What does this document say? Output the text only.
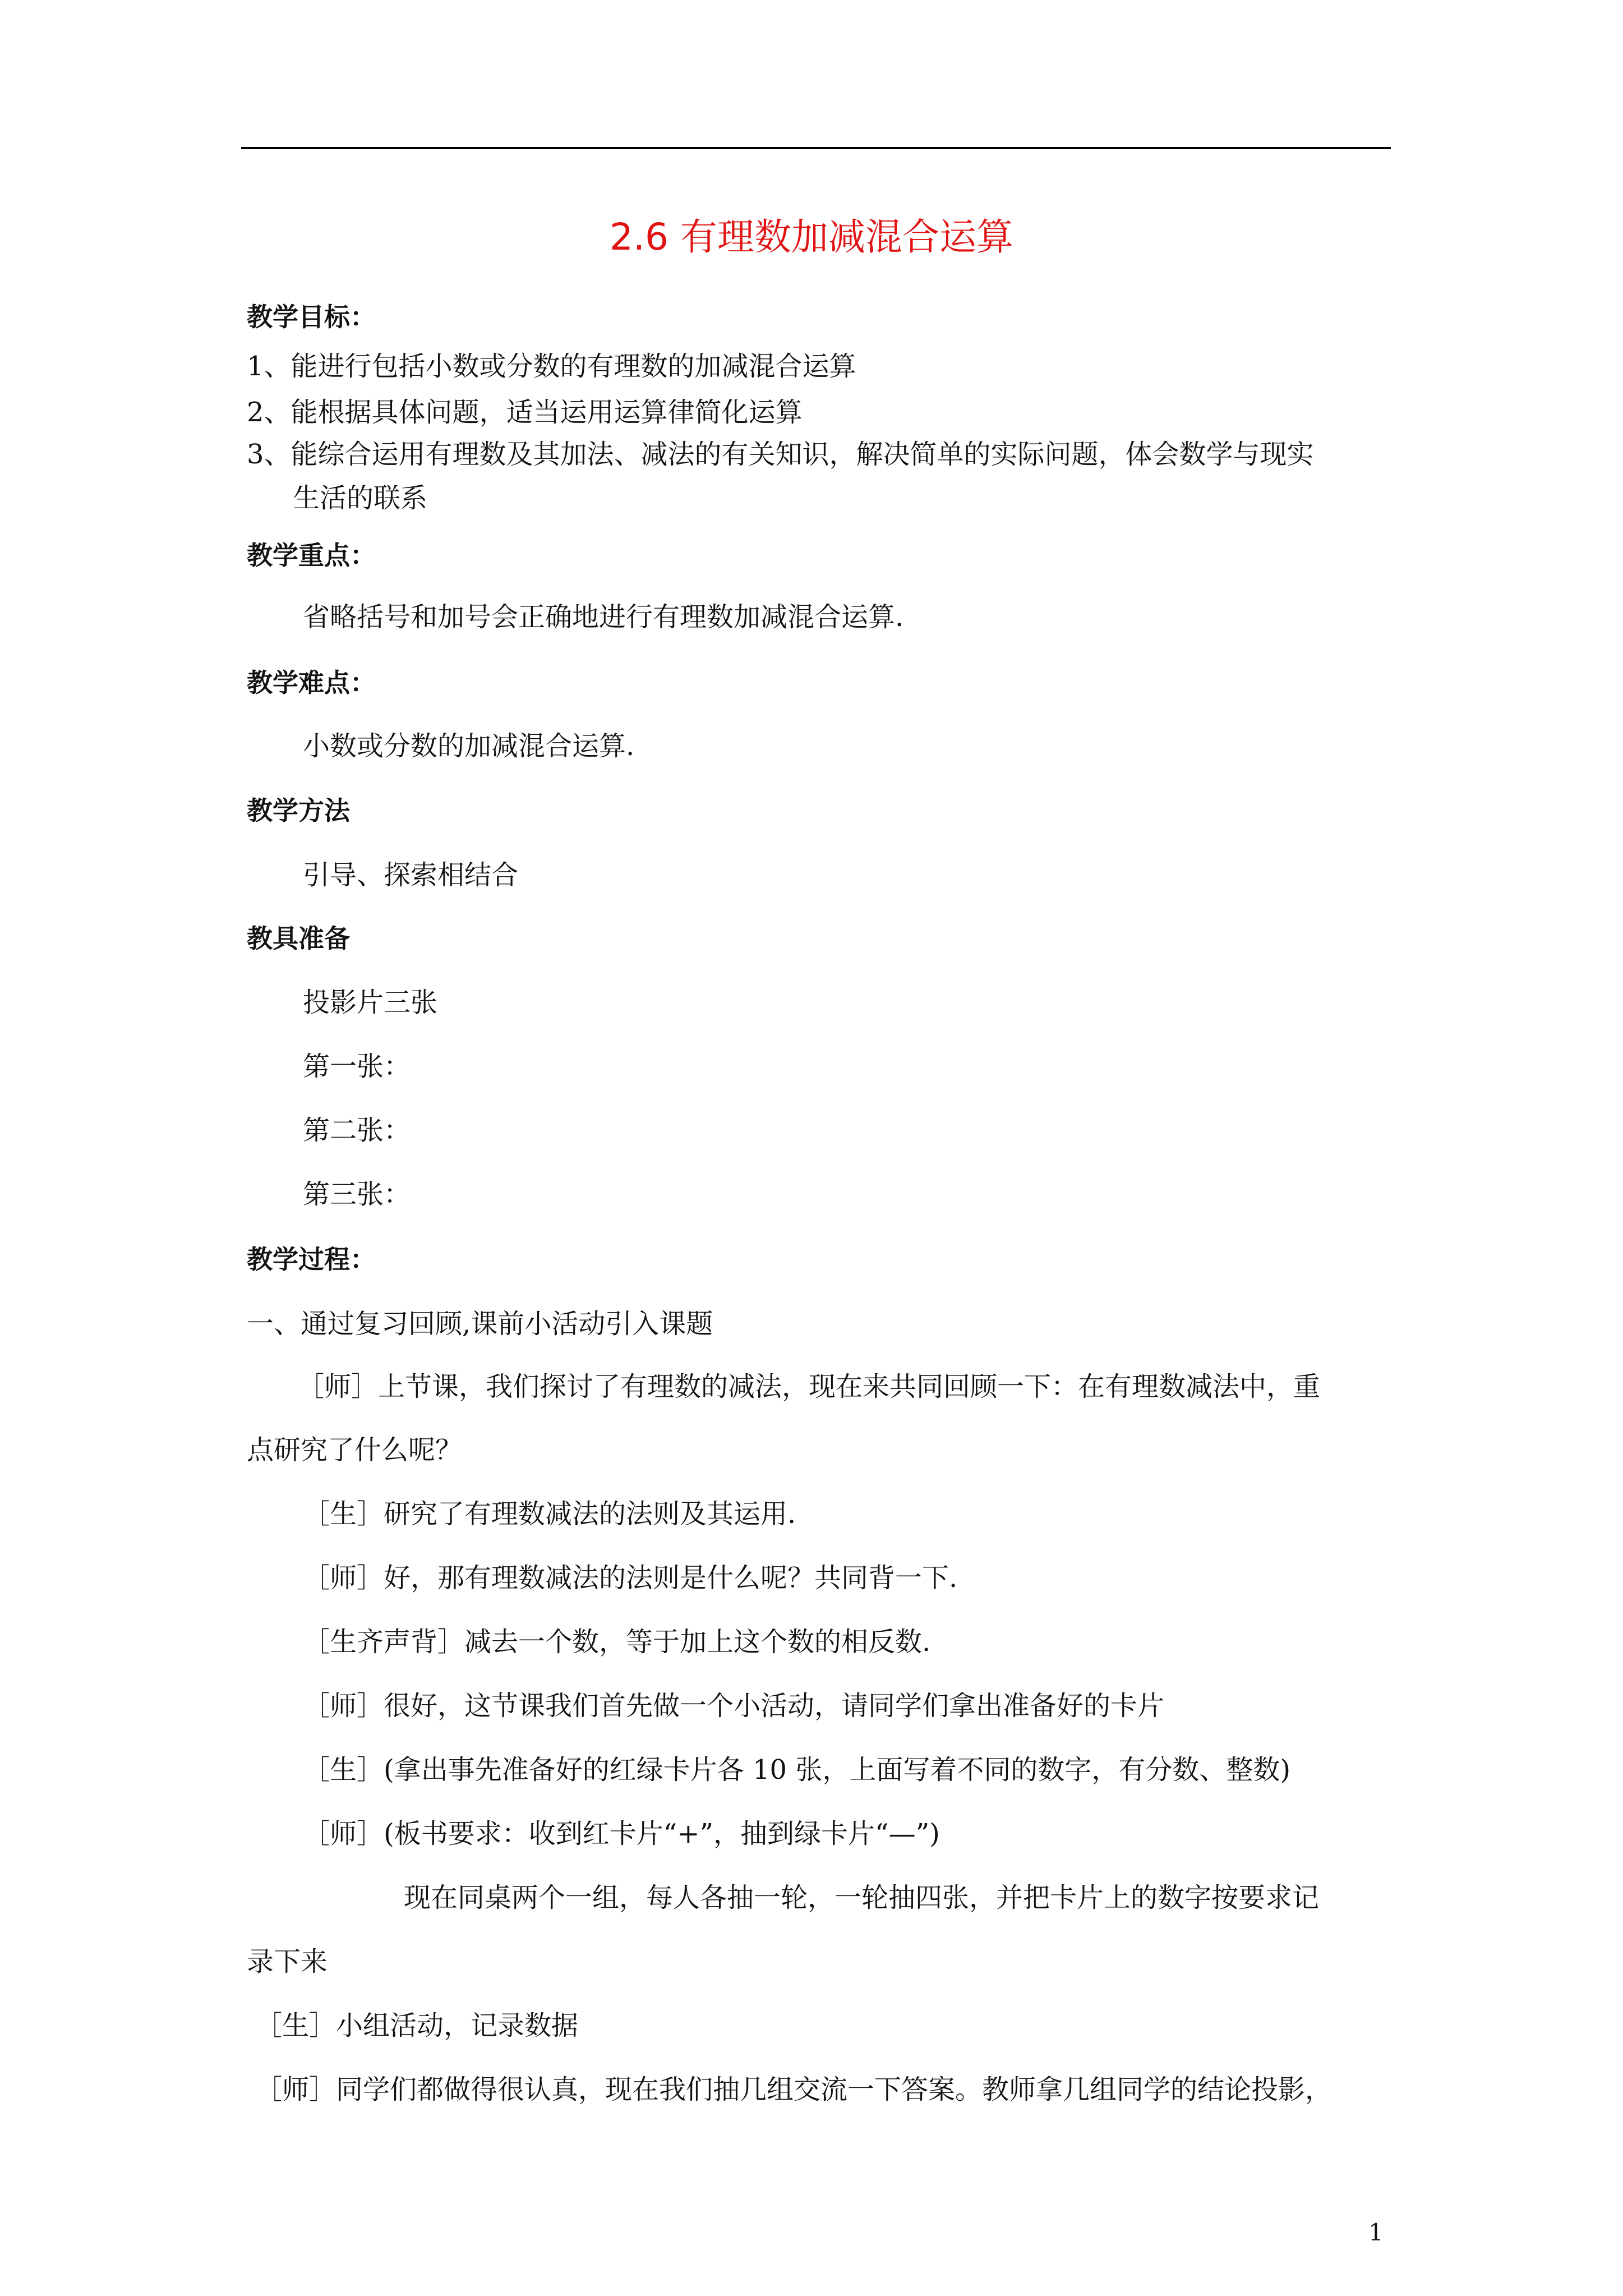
2.6 有理数加减混合运算
教学目标：
1、能进行包括小数或分数的有理数的加减混合运算
2、能根据具体问题，适当运用运算律简化运算
3、能综合运用有理数及其加法、减法的有关知识，解决简单的实际问题，体会数学与现实
生活的联系
教学重点：
省略括号和加号会正确地进行有理数加减混合运算.
教学难点：
小数或分数的加减混合运算.
教学方法
引导、探索相结合
教具准备
投影片三张
第一张：
第二张：
第三张：
教学过程：
一、通过复习回顾,课前小活动引入课题
［师］上节课，我们探讨了有理数的减法，现在来共同回顾一下：在有理数减法中，重
点研究了什么呢？
［生］研究了有理数减法的法则及其运用.
［师］好，那有理数减法的法则是什么呢？共同背一下.
［生齐声背］减去一个数，等于加上这个数的相反数.
［师］很好，这节课我们首先做一个小活动，请同学们拿出准备好的卡片
［生］(拿出事先准备好的红绿卡片各 10 张，上面写着不同的数字，有分数、整数)
［师］(板书要求：收到红卡片“+”，抽到绿卡片“—”)
现在同桌两个一组，每人各抽一轮，一轮抽四张，并把卡片上的数字按要求记
录下来
［生］小组活动，记录数据
［师］同学们都做得很认真，现在我们抽几组交流一下答案。教师拿几组同学的结论投影，
1
